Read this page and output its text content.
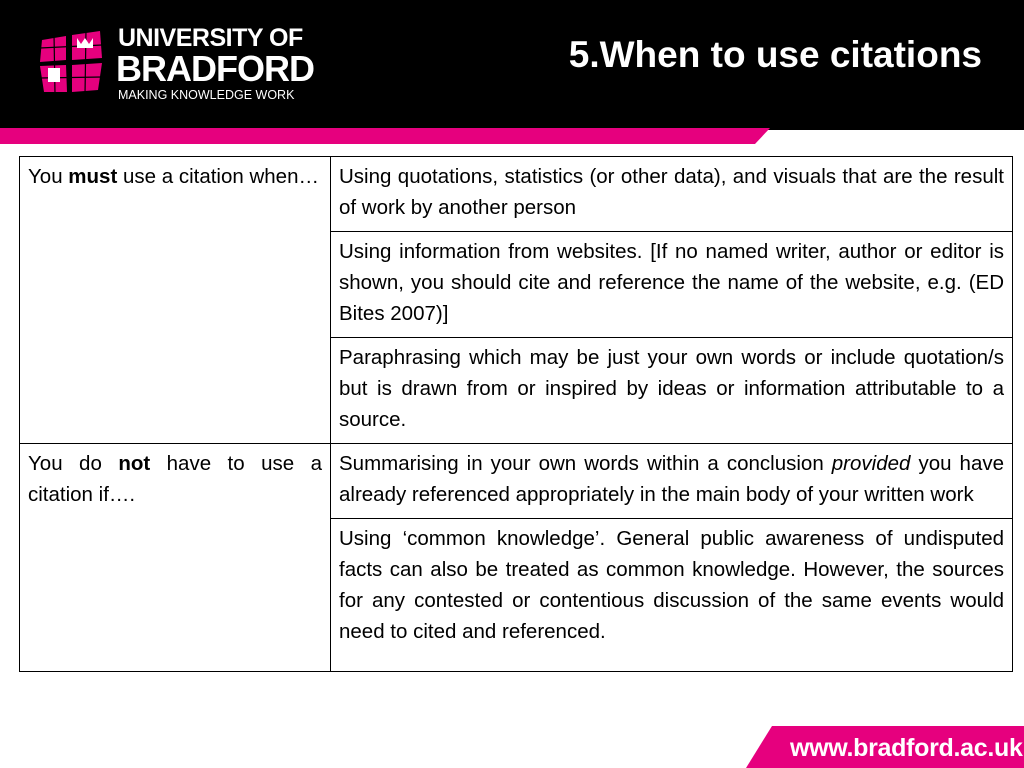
UNIVERSITY OF
BRADFORD
MAKING KNOWLEDGE WORK
5.When to use citations
You must use a citation when…	Using quotations, statistics (or other data), and visuals that are the result of work by another person
	Using information from websites. [If no named writer, author or editor is shown, you should cite and reference the name of the website, e.g. (ED Bites 2007)]
	Paraphrasing which may be just your own words or include quotation/s but is drawn from or inspired by ideas or information attributable to a source.
You do not have to use a citation if….	Summarising in your own words within a conclusion provided you have already referenced appropriately in the main body of your written work
	Using ‘common knowledge’. General public awareness of undisputed facts can also be treated as common knowledge. However, the sources for any contested or contentious discussion of the same events would need to cited and referenced.
www.bradford.ac.uk
